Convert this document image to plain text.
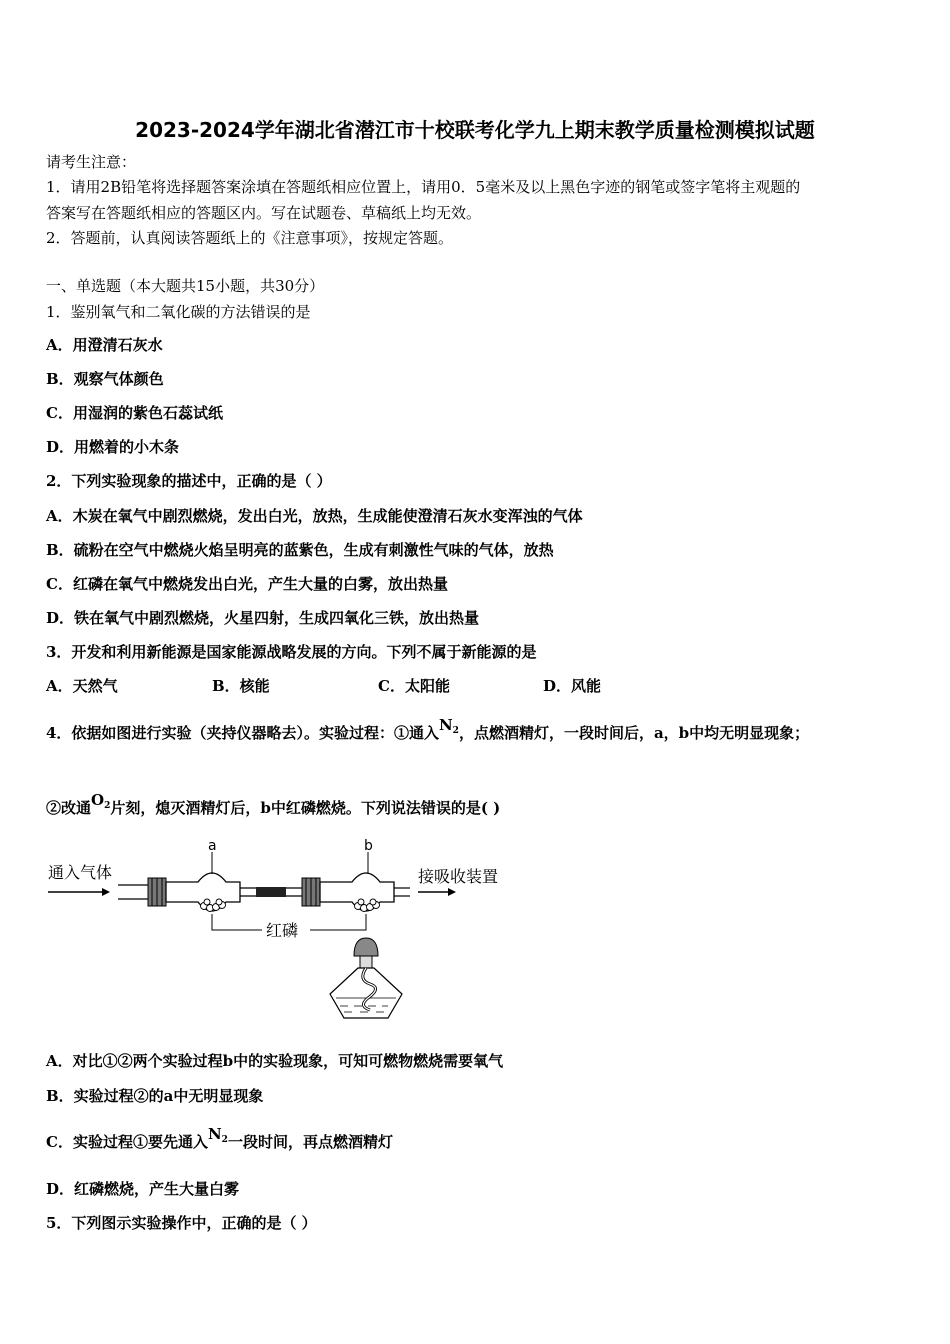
2023-2024学年湖北省潜江市十校联考化学九上期末教学质量检测模拟试题
请考生注意：
1．请用2B铅笔将选择题答案涂填在答题纸相应位置上，请用0．5毫米及以上黑色字迹的钢笔或签字笔将主观题的
答案写在答题纸相应的答题区内。写在试题卷、草稿纸上均无效。
2．答题前，认真阅读答题纸上的《注意事项》，按规定答题。
一、单选题（本大题共15小题，共30分）
1．鉴别氧气和二氧化碳的方法错误的是
A．用澄清石灰水
B．观察气体颜色
C．用湿润的紫色石蕊试纸
D．用燃着的小木条
2．下列实验现象的描述中，正确的是（ ）
A．木炭在氧气中剧烈燃烧，发出白光，放热，生成能使澄清石灰水变浑浊的气体
B．硫粉在空气中燃烧火焰呈明亮的蓝紫色，生成有刺激性气味的气体，放热
C．红磷在氧气中燃烧发出白光，产生大量的白雾，放出热量
D．铁在氧气中剧烈燃烧，火星四射，生成四氧化三铁，放出热量
3．开发和利用新能源是国家能源战略发展的方向。下列不属于新能源的是
A．天然气	B．核能	C．太阳能	D．风能
4．依据如图进行实验（夹持仪器略去）。实验过程：①通入$N_2$，点燃酒精灯，一段时间后，a，b中均无明显现象；
②改通$O_2$片刻，熄灭酒精灯后，b中红磷燃烧。下列说法错误的是( )
通入气体
a	b
接吸收装置
红磷
A．对比①②两个实验过程b中的实验现象，可知可燃物燃烧需要氧气
B．实验过程②的a中无明显现象
C．实验过程①要先通入$N_2$一段时间，再点燃酒精灯
D．红磷燃烧，产生大量白雾
5．下列图示实验操作中，正确的是（ ）
